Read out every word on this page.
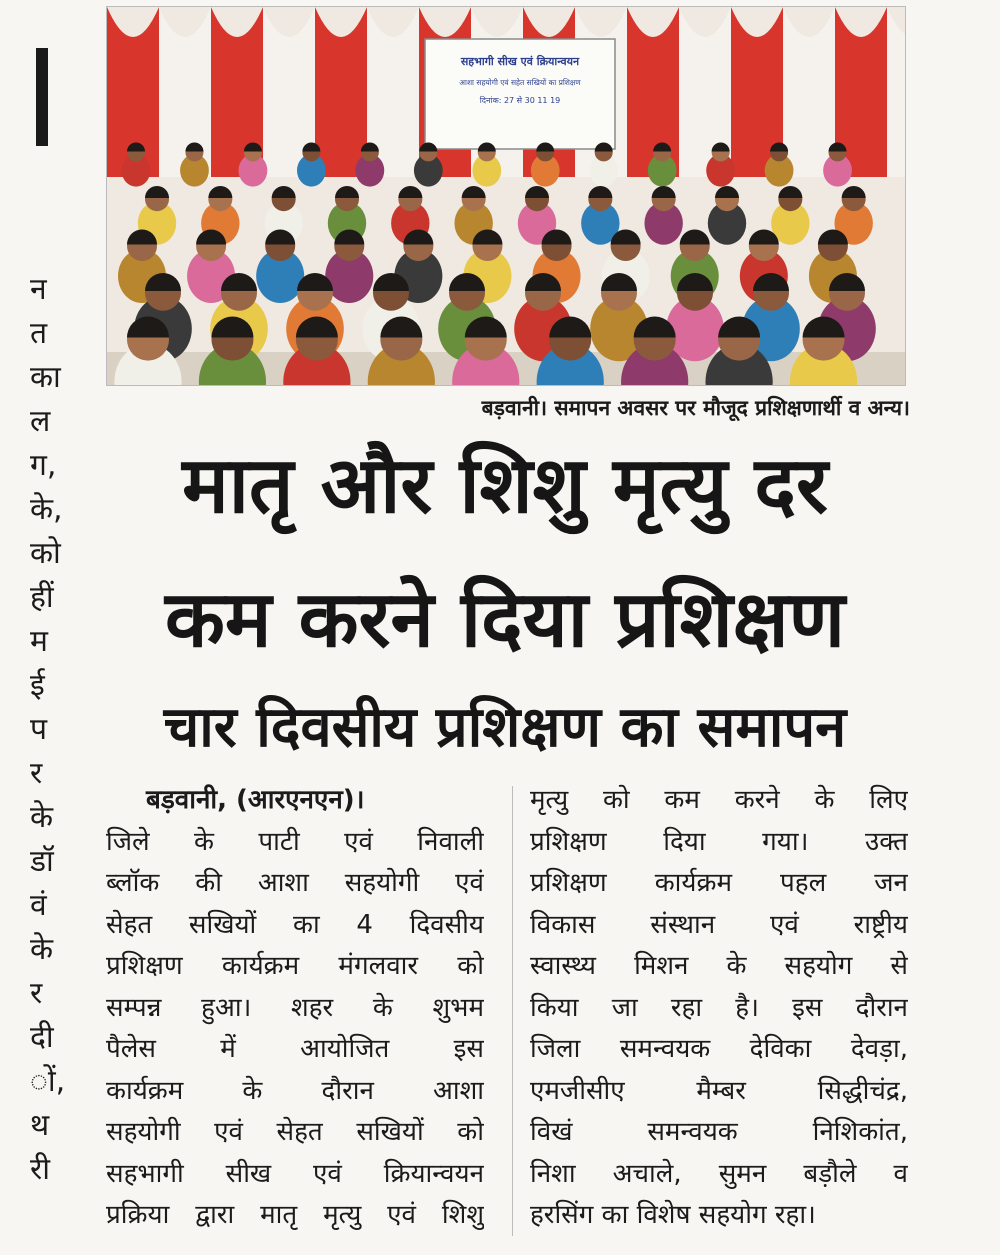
न
त
का
ल
ग,
के,
को
हीं
म
ई
प
र
के
डॉ
वं
के
र
दी
ों,
थ
री
सहभागी सीख एवं क्रियान्वयन
आशा सहयोगी एवं सहेत सखियों का प्रशिक्षण
दिनांक: 27 से 30 11 19
बड़वानी। समापन अवसर पर मौजूद प्रशिक्षणार्थी व अन्य।
मातृ और शिशु मृत्यु दर
कम करने दिया प्रशिक्षण
चार दिवसीय प्रशिक्षण का समापन
बड़वानी, (आरएनएन)।
जिले के पाटी एवं निवाली
ब्लॉक की आशा सहयोगी एवं
सेहत सखियों का 4 दिवसीय
प्रशिक्षण कार्यक्रम मंगलवार को
सम्पन्न हुआ। शहर के शुभम
पैलेस में आयोजित इस
कार्यक्रम के दौरान आशा
सहयोगी एवं सेहत सखियों को
सहभागी सीख एवं क्रियान्वयन
प्रक्रिया द्वारा मातृ मृत्यु एवं शिशु
मृत्यु को कम करने के लिए
प्रशिक्षण दिया गया। उक्त
प्रशिक्षण कार्यक्रम पहल जन
विकास संस्थान एवं राष्ट्रीय
स्वास्थ्य मिशन के सहयोग से
किया जा रहा है। इस दौरान
जिला समन्वयक देविका देवड़ा,
एमजीसीए मैम्बर सिद्धीचंद्र,
विखं समन्वयक निशिकांत,
निशा अचाले, सुमन बड़ौले व
हरसिंग का विशेष सहयोग रहा।
